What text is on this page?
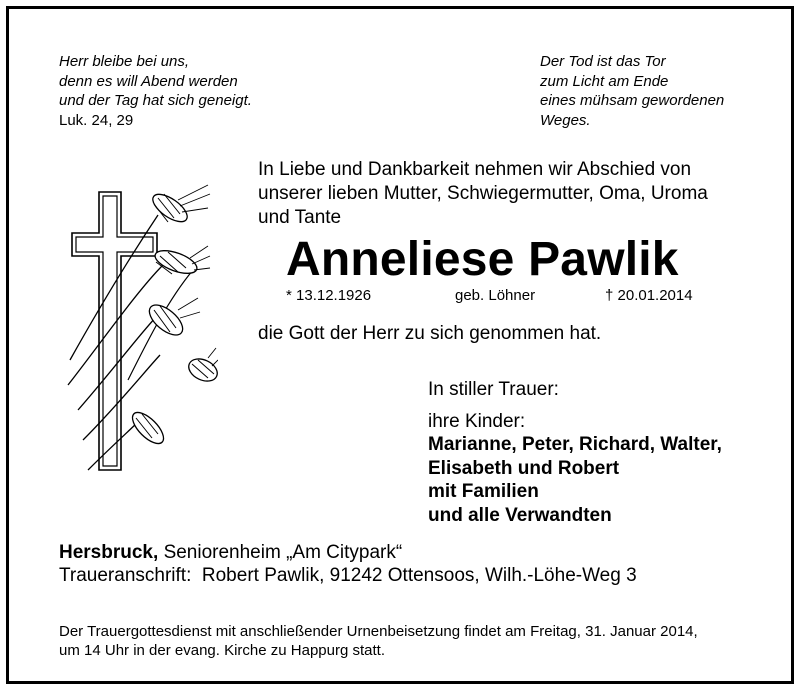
Herr bleibe bei uns,
denn es will Abend werden
und der Tag hat sich geneigt.
Luk. 24, 29
Der Tod ist das Tor
zum Licht am Ende
eines mühsam gewordenen
Weges.
In Liebe und Dankbarkeit nehmen wir Abschied von
unserer lieben Mutter, Schwiegermutter, Oma, Uroma
und Tante
Anneliese Pawlik
* 13.12.1926	geb. Löhner	† 20.01.2014
die Gott der Herr zu sich genommen hat.
In stiller Trauer:
ihre Kinder:
Marianne, Peter, Richard, Walter,
Elisabeth und Robert
mit Familien
und alle Verwandten
Hersbruck, Seniorenheim „Am Citypark“
Traueranschrift:  Robert Pawlik, 91242 Ottensoos, Wilh.-Löhe-Weg 3
Der Trauergottesdienst mit anschließender Urnenbeisetzung findet am Freitag, 31. Januar 2014,
um 14 Uhr in der evang. Kirche zu Happurg statt.
